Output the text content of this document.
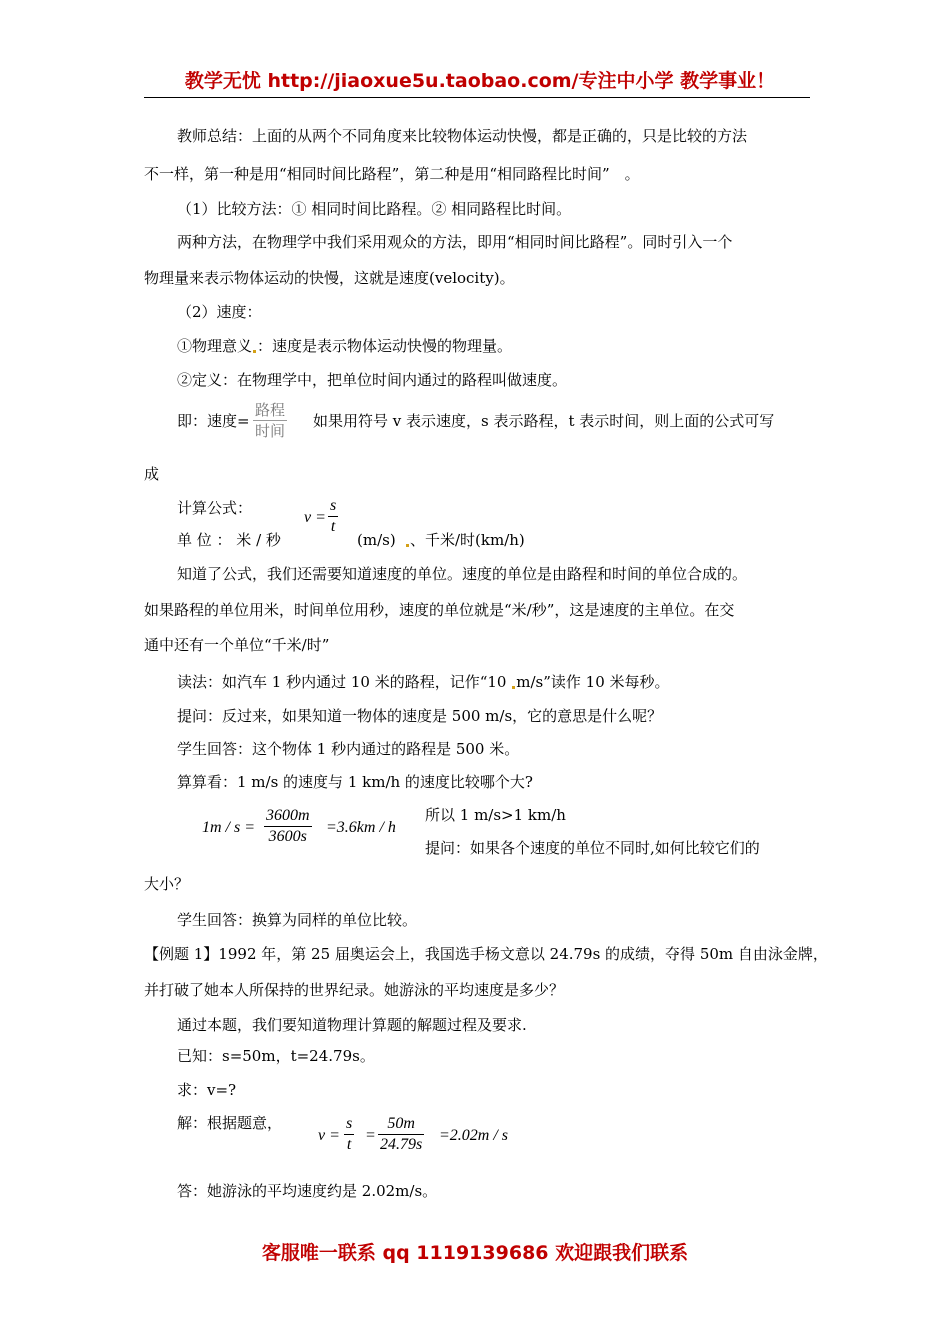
教学无忧 http://jiaoxue5u.taobao.com/专注中小学 教学事业！
教师总结：上面的从两个不同角度来比较物体运动快慢，都是正确的，只是比较的方法
不一样，第一种是用“相同时间比路程”，第二种是用“相同路程比时间”　。
（1）比较方法：① 相同时间比路程。② 相同路程比时间。
两种方法，在物理学中我们采用观众的方法，即用“相同时间比路程”。同时引入一个
物理量来表示物体运动的快慢，这就是速度(velocity)。
（2）速度：
①物理意义 ：速度是表示物体运动快慢的物理量。
②定义：在物理学中，把单位时间内通过的路程叫做速度。
即：速度=
路程
时间
如果用符号 v 表示速度，s 表示路程，t 表示时间，则上面的公式可写
成
计算公式：
$v = \frac{s}{t}$
单 位 ： 米 / 秒	(m/s) 、千米/时(km/h)
知道了公式，我们还需要知道速度的单位。速度的单位是由路程和时间的单位合成的。
如果路程的单位用米，时间单位用秒，速度的单位就是“米/秒”，这是速度的主单位。在交
通中还有一个单位“千米/时”
读法：如汽车 1 秒内通过 10 米的路程，记作“10 m/s”读作 10 米每秒。
提问：反过来，如果知道一物体的速度是 500 m/s，它的意思是什么呢？
学生回答：这个物体 1 秒内通过的路程是 500 米。
算算看：1 m/s 的速度与 1 km/h 的速度比较哪个大?
$1m / s = \frac{3600m}{3600s} =3.6km / h$
所以 1 m/s>1 km/h
提问：如果各个速度的单位不同时,如何比较它们的
大小？
学生回答：换算为同样的单位比较。
【例题 1】1992 年，第 25 届奥运会上，我国选手杨文意以 24.79s 的成绩，夺得 50m 自由泳金牌，
并打破了她本人所保持的世界纪录。她游泳的平均速度是多少？
通过本题，我们要知道物理计算题的解题过程及要求.
已知：s=50m，t=24.79s。
求：v=?
解：根据题意，
$v = \frac{s}{t} = \frac{50m}{24.79s} =2.02m / s$
答：她游泳的平均速度约是 2.02m/s。
客服唯一联系 qq 1119139686 欢迎跟我们联系
